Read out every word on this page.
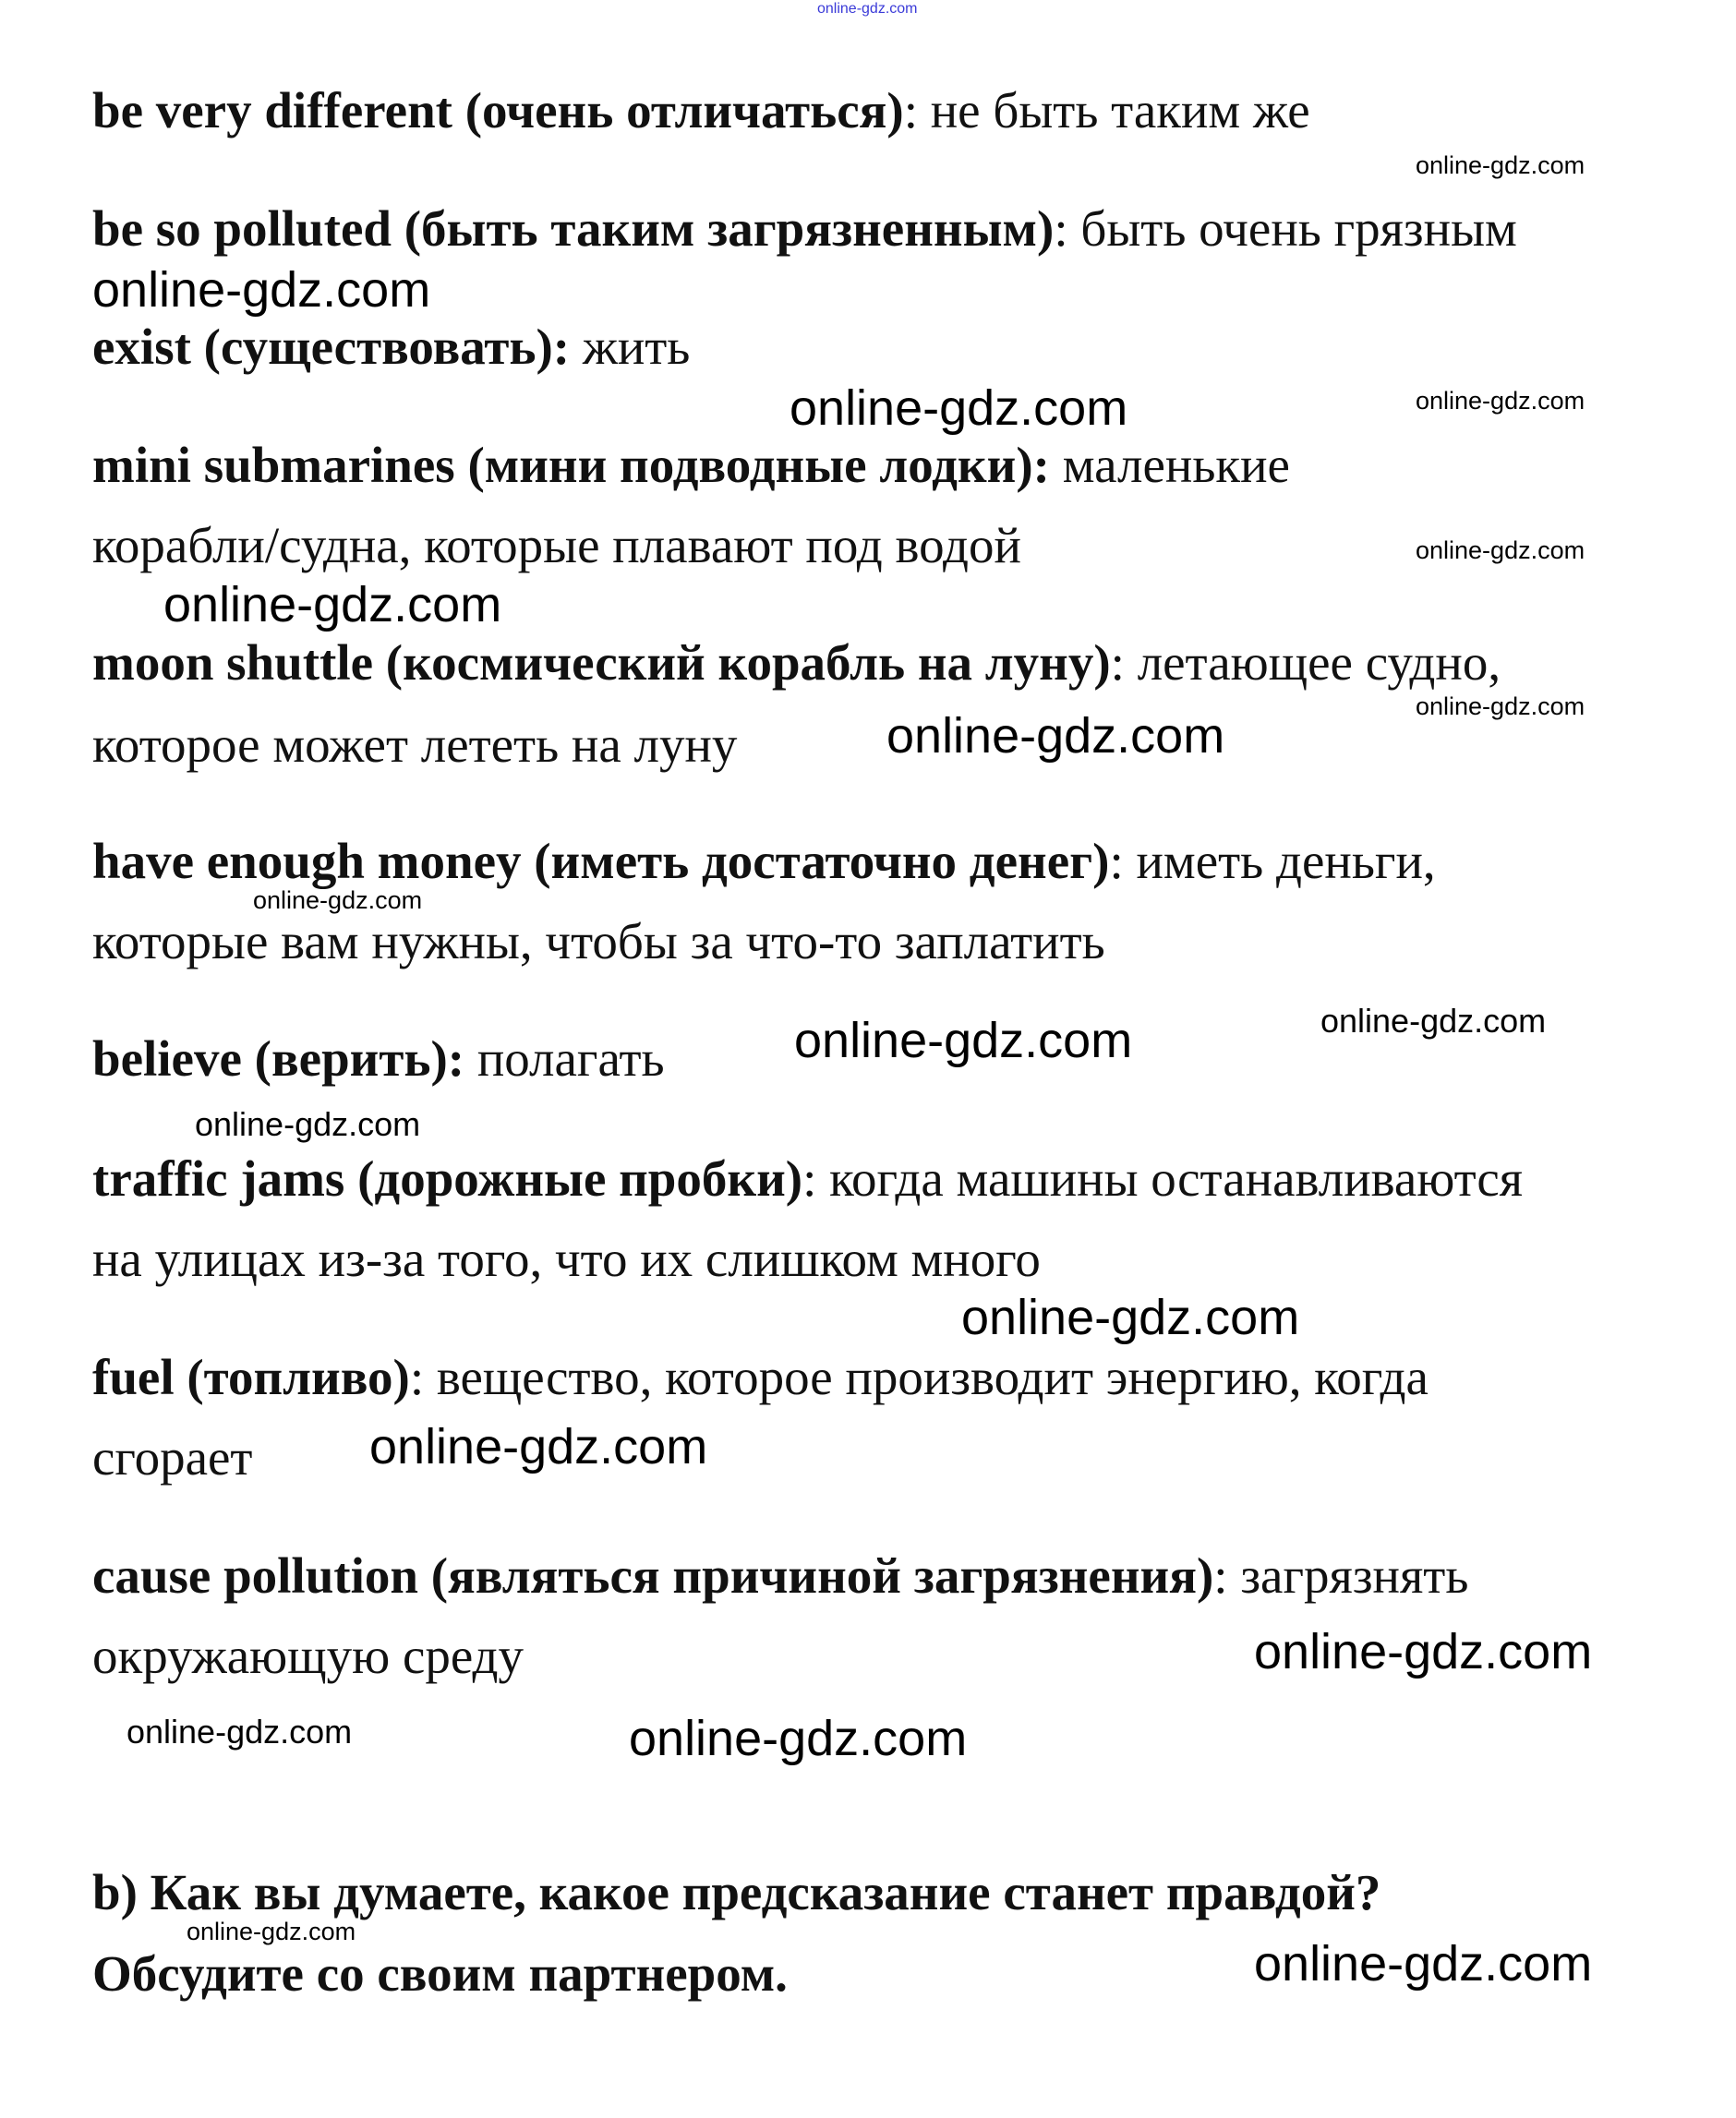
online-gdz.com
be very different (очень отличаться): не быть таким же
be so polluted (быть таким загрязненным): быть очень грязным
exist (существовать): жить
mini submarines (мини подводные лодки): маленькие
корабли/судна, которые плавают под водой
moon shuttle (космический корабль на луну): летающее судно,
которое может лететь на луну
have enough money (иметь достаточно денег): иметь деньги,
которые вам нужны, чтобы за что-то заплатить
believe (верить): полагать
traffic jams (дорожные пробки): когда машины останавливаются
на улицах из-за того, что их слишком много
fuel (топливо): вещество, которое производит энергию, когда
сгорает
cause pollution (являться причиной загрязнения): загрязнять
окружающую среду
b) Как вы думаете, какое предсказание станет правдой?
Обсудите со своим партнером.
online-gdz.com
online-gdz.com
online-gdz.com	online-gdz.com
online-gdz.com
online-gdz.com
online-gdz.com
online-gdz.com
online-gdz.com
online-gdz.com	online-gdz.com
online-gdz.com
online-gdz.com
online-gdz.com
online-gdz.com
online-gdz.com	online-gdz.com
online-gdz.com
online-gdz.com
